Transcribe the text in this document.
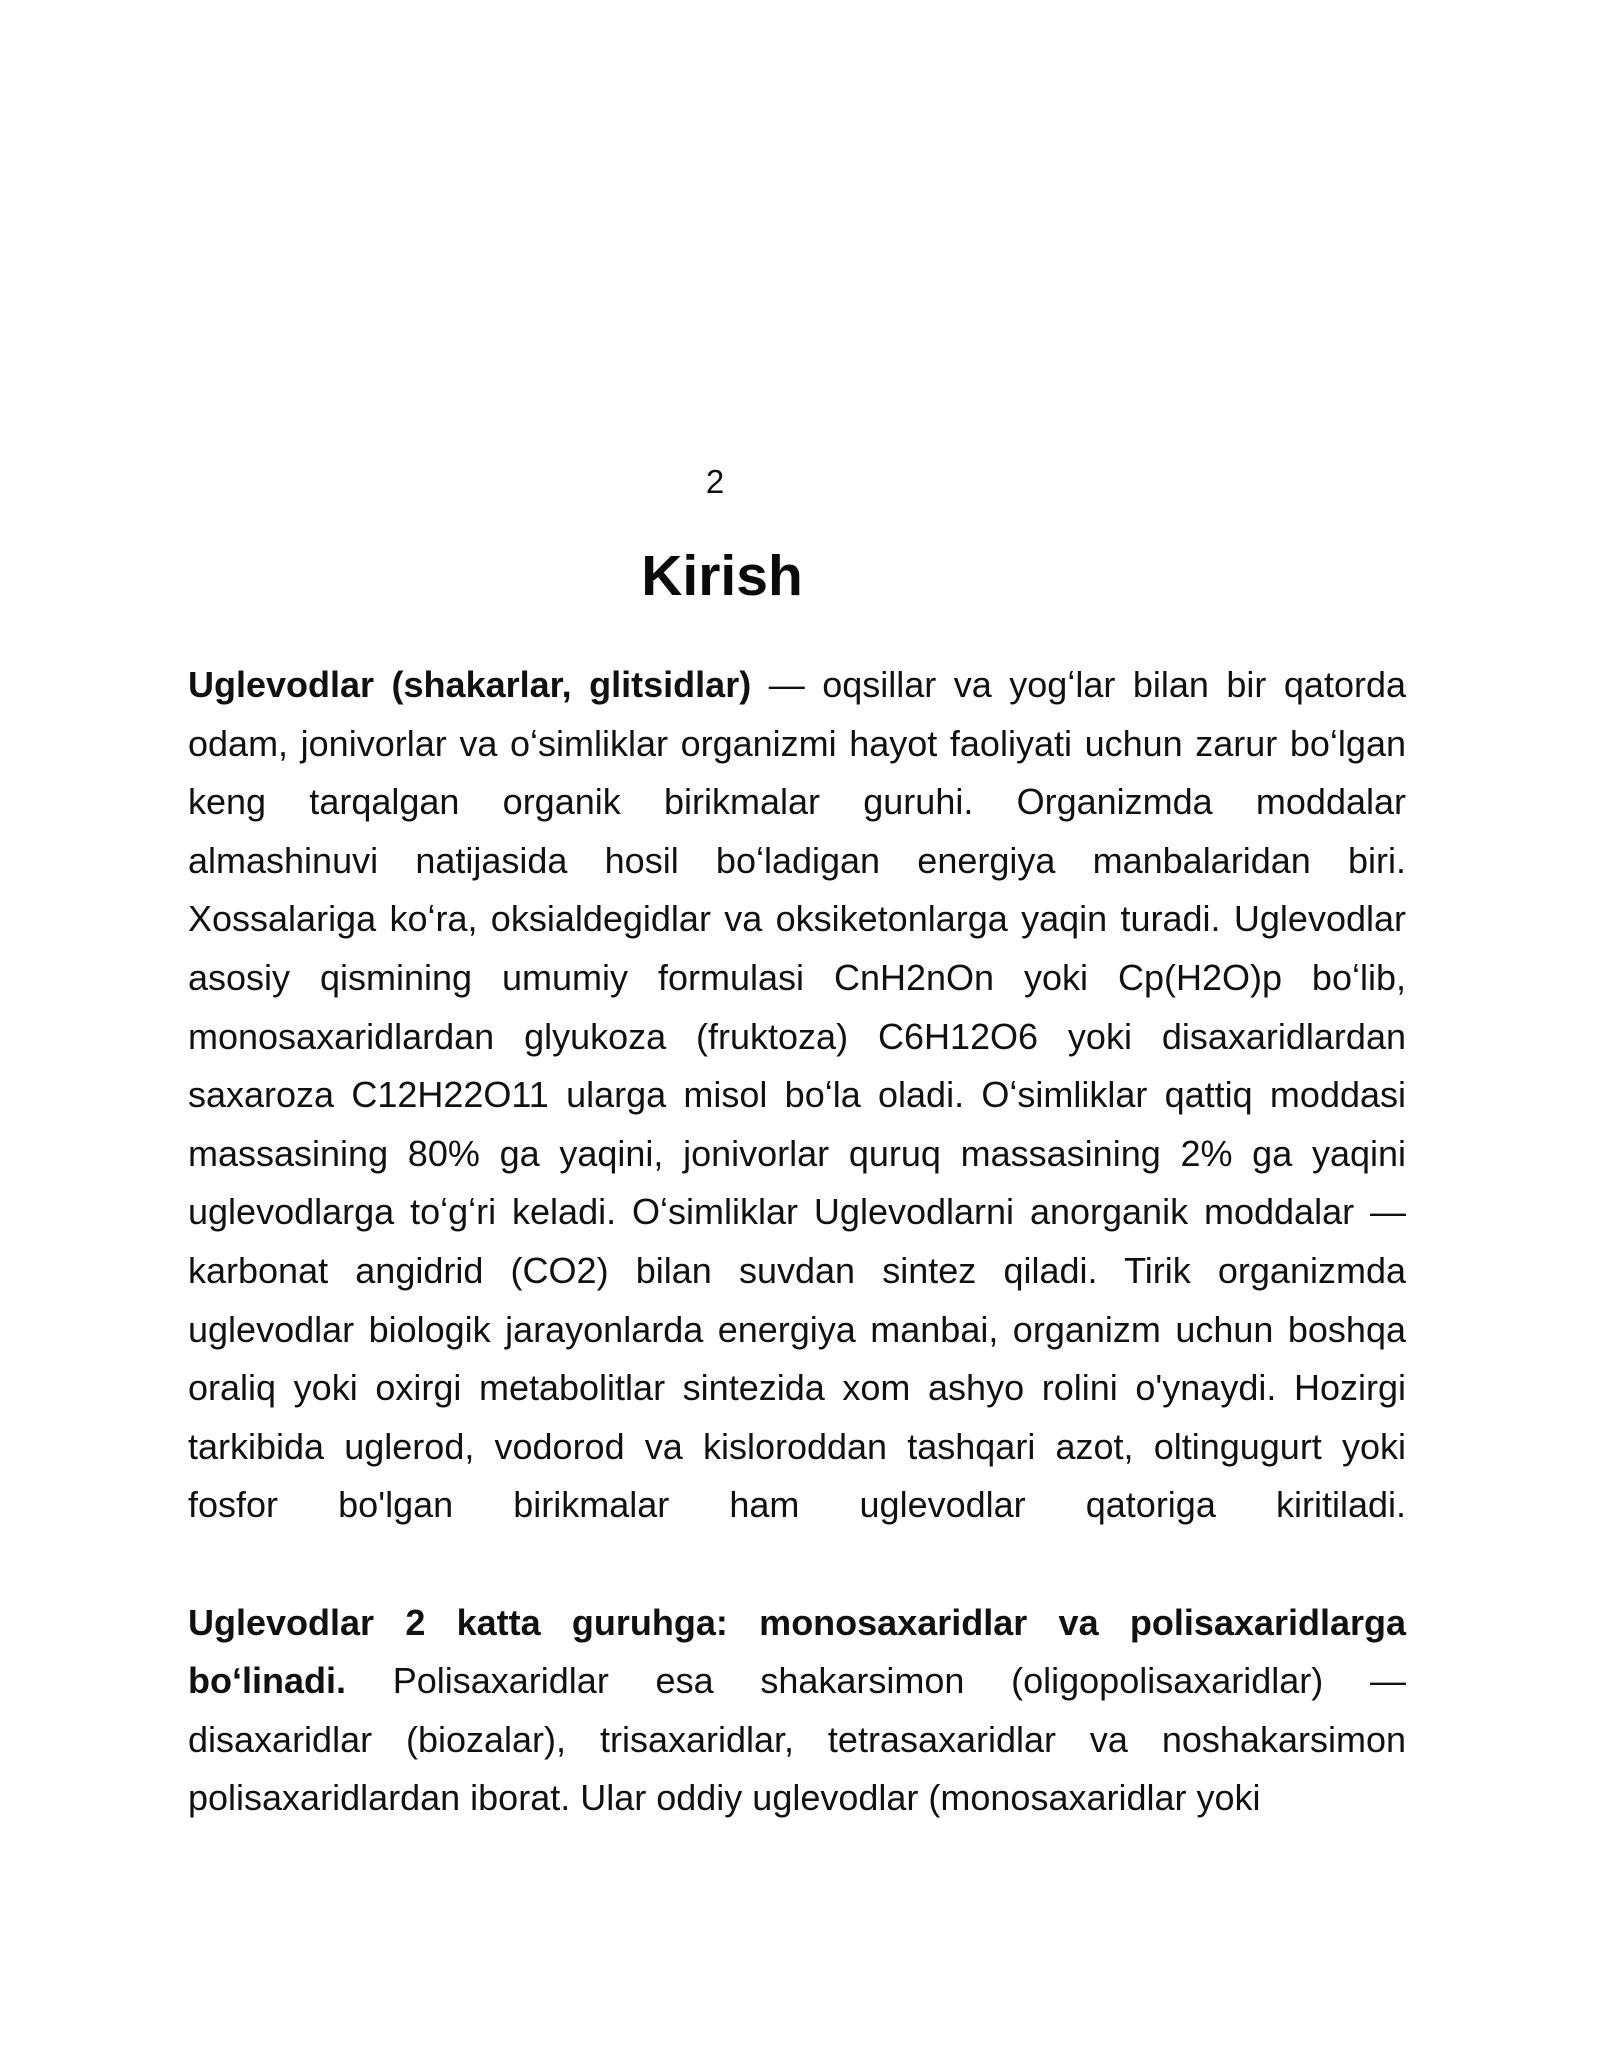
2
Kirish

Uglevodlar (shakarlar, glitsidlar) — oqsillar va yogʻlar bilan bir qatorda odam, jonivorlar va oʻsimliklar organizmi hayot faoliyati uchun zarur boʻlgan keng tarqalgan organik birikmalar guruhi. Organizmda moddalar almashinuvi natijasida hosil boʻladigan energiya manbalaridan biri. Xossalariga koʻra, oksialdegidlar va oksiketonlarga yaqin turadi. Uglevodlar asosiy qismining umumiy formulasi CnH2nOn yoki Cp(H2O)p boʻlib, monosaxaridlardan glyukoza (fruktoza) C6H12O6 yoki disaxaridlardan saxaroza C12H22O11 ularga misol boʻla oladi. Oʻsimliklar qattiq moddasi massasining 80% ga yaqini, jonivorlar quruq massasining 2% ga yaqini uglevodlarga toʻgʻri keladi. Oʻsimliklar Uglevodlarni anorganik moddalar — karbonat angidrid (CO2) bilan suvdan sintez qiladi. Tirik organizmda uglevodlar biologik jarayonlarda energiya manbai, organizm uchun boshqa oraliq yoki oxirgi metabolitlar sintezida xom ashyo rolini o'ynaydi. Hozirgi tarkibida uglerod, vodorod va kisloroddan tashqari azot, oltingugurt yoki fosfor bo'lgan birikmalar ham uglevodlar qatoriga kiritiladi.Uglevodlar 2 katta guruhga: monosaxaridlar va polisaxaridlarga boʻlinadi. Polisaxaridlar esa shakarsimon (oligopolisaxaridlar) — disaxaridlar (biozalar), trisaxaridlar, tetrasaxaridlar va noshakarsimon polisaxaridlardan iborat. Ular oddiy uglevodlar (monosaxaridlar yoki
